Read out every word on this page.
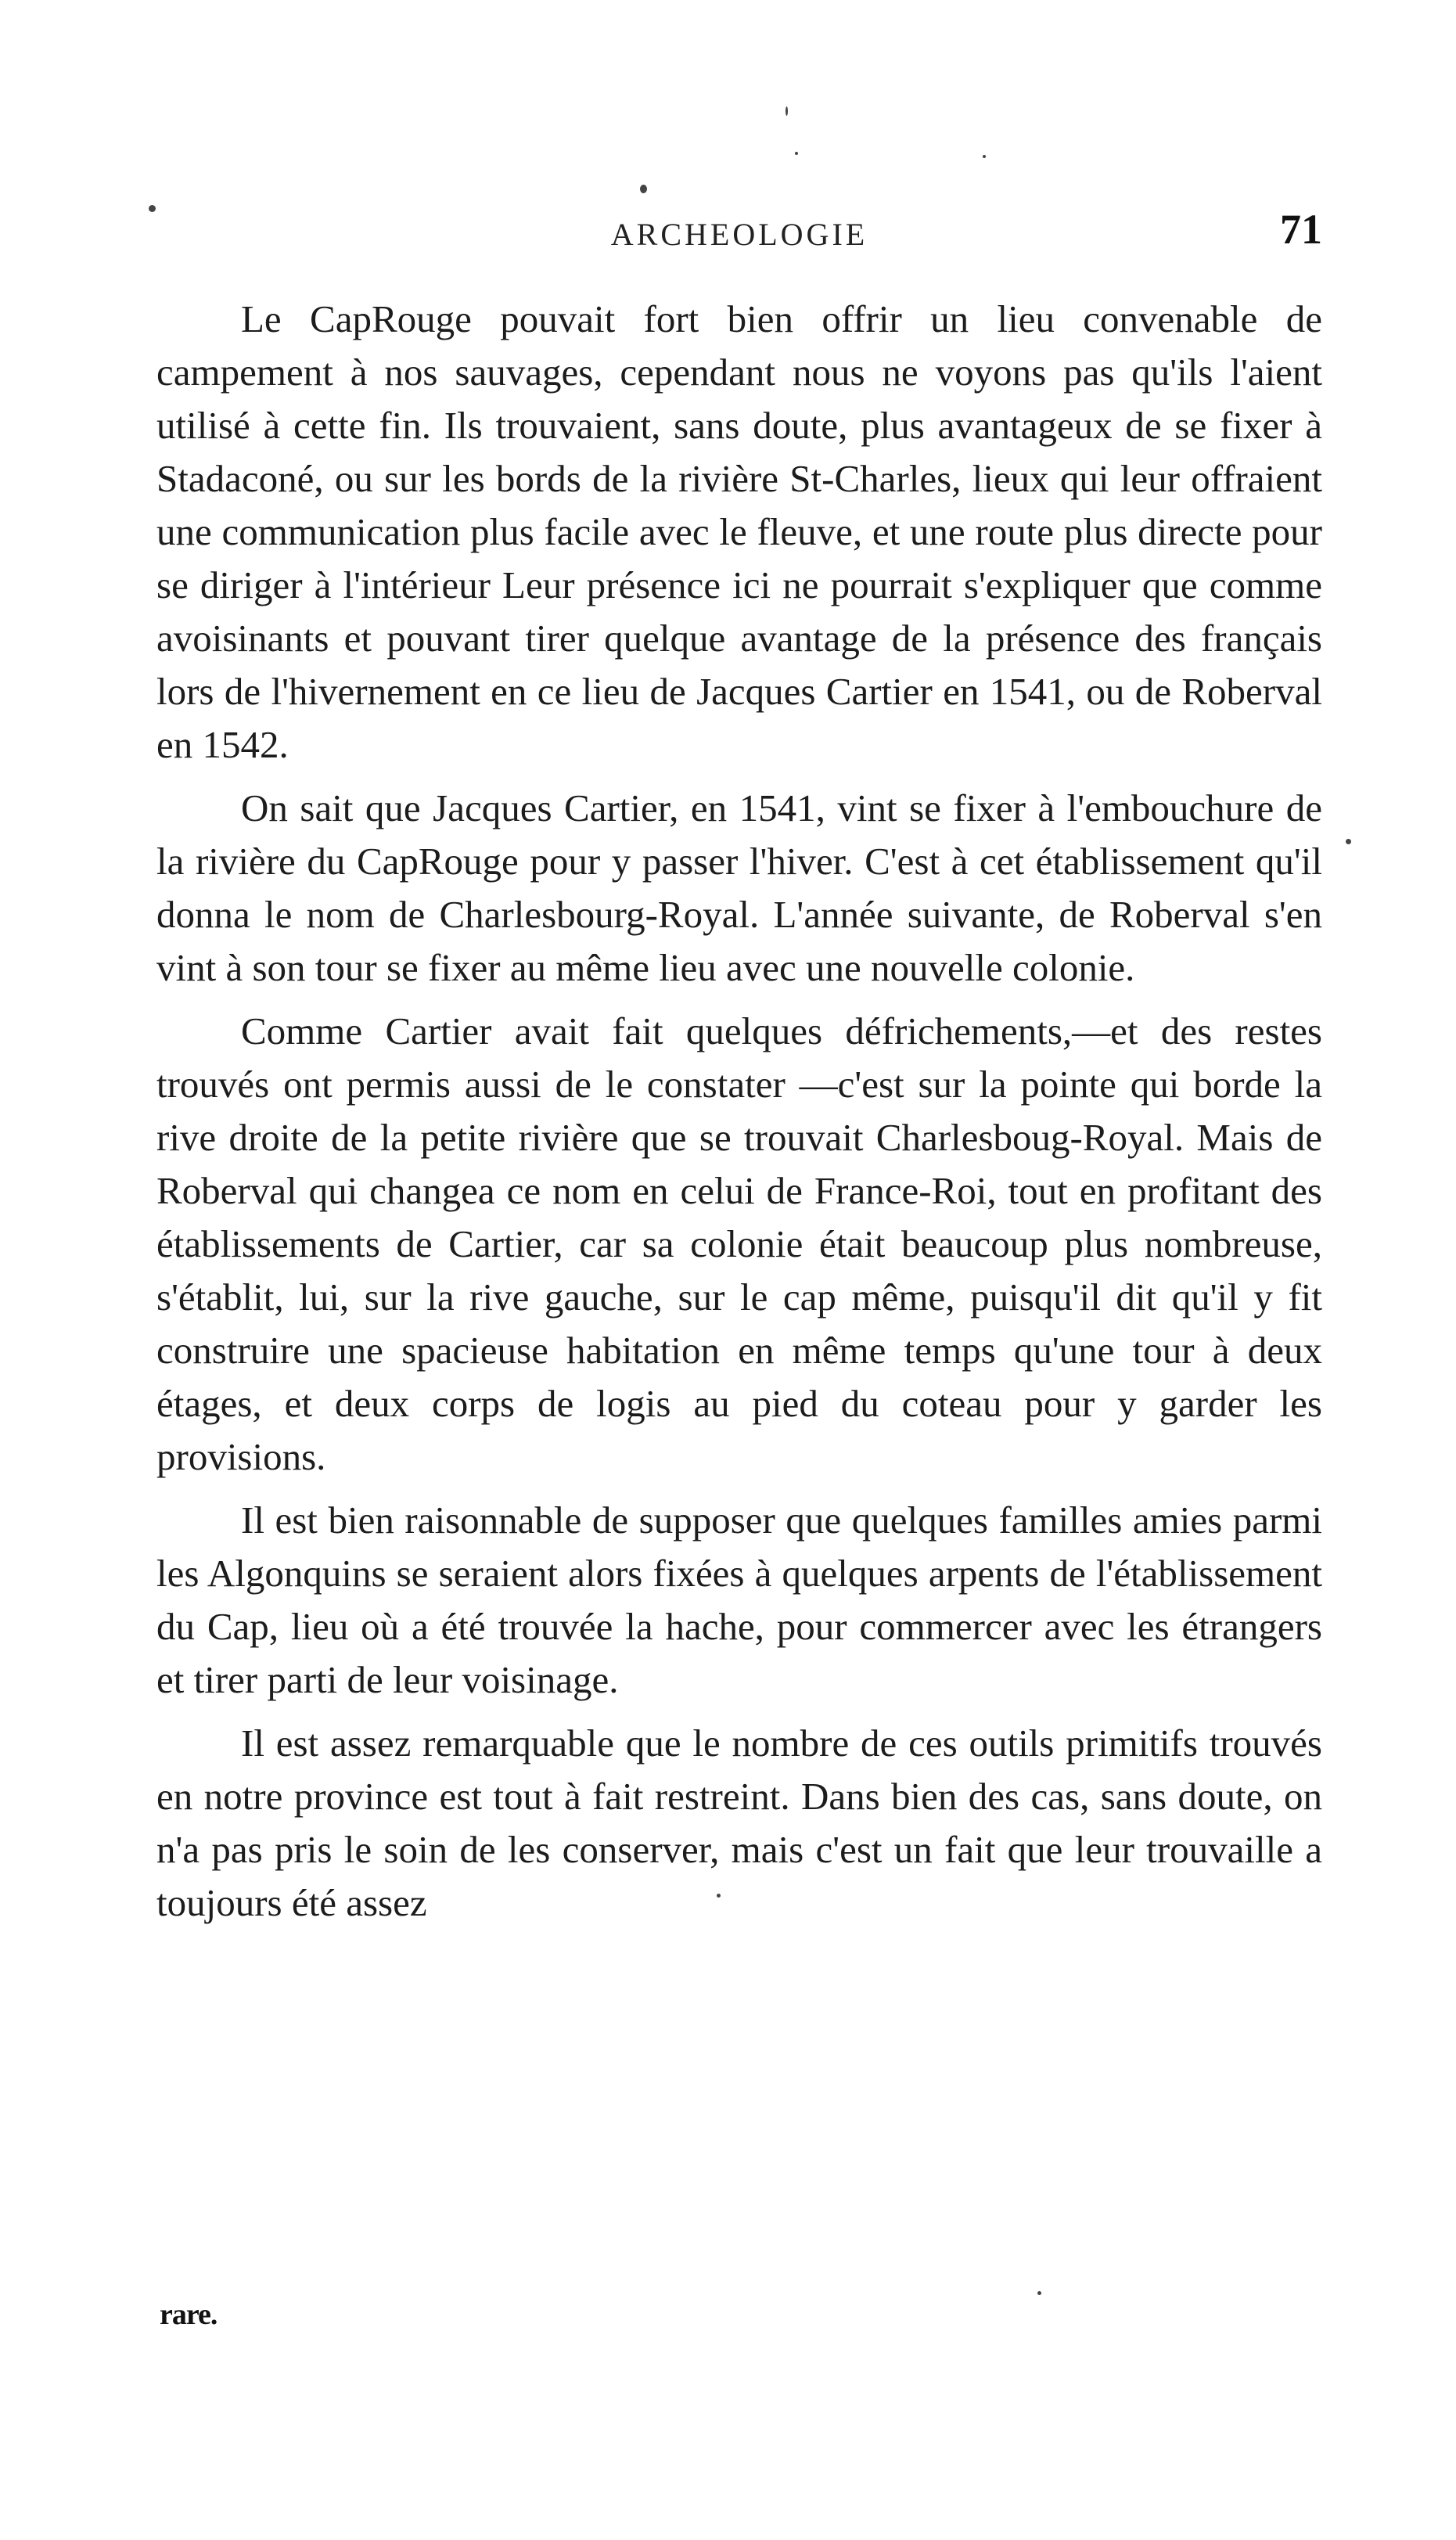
ARCHEOLOGIE	71

Le CapRouge pouvait fort bien offrir un lieu convenable de campement à nos sauvages, cependant nous ne voyons pas qu'ils l'aient utilisé à cette fin. Ils trouvaient, sans doute, plus avantageux de se fixer à Stadaconé, ou sur les bords de la rivière St-Charles, lieux qui leur offraient une communication plus facile avec le fleuve, et une route plus directe pour se diriger à l'intérieur Leur présence ici ne pourrait s'expliquer que comme avoisinants et pouvant tirer quelque avantage de la présence des français lors de l'hivernement en ce lieu de Jacques Cartier en 1541, ou de Roberval en 1542.

On sait que Jacques Cartier, en 1541, vint se fixer à l'embouchure de la rivière du CapRouge pour y passer l'hiver. C'est à cet établissement qu'il donna le nom de Charlesbourg-Royal. L'année suivante, de Roberval s'en vint à son tour se fixer au même lieu avec une nouvelle colonie.

Comme Cartier avait fait quelques défrichements,—et des restes trouvés ont permis aussi de le constater —c'est sur la pointe qui borde la rive droite de la petite rivière que se trouvait Charlesboug-Royal. Mais de Roberval qui changea ce nom en celui de France-Roi, tout en profitant des établissements de Cartier, car sa colonie était beaucoup plus nombreuse, s'établit, lui, sur la rive gauche, sur le cap même, puisqu'il dit qu'il y fit construire une spacieuse habitation en même temps qu'une tour à deux étages, et deux corps de logis au pied du coteau pour y garder les provisions.

Il est bien raisonnable de supposer que quelques familles amies parmi les Algonquins se seraient alors fixées à quelques arpents de l'établissement du Cap, lieu où a été trouvée la hache, pour commercer avec les étrangers et tirer parti de leur voisinage.

Il est assez remarquable que le nombre de ces outils primitifs trouvés en notre province est tout à fait restreint. Dans bien des cas, sans doute, on n'a pas pris le soin de les conserver, mais c'est un fait que leur trouvaille a toujours été assez

rare.
